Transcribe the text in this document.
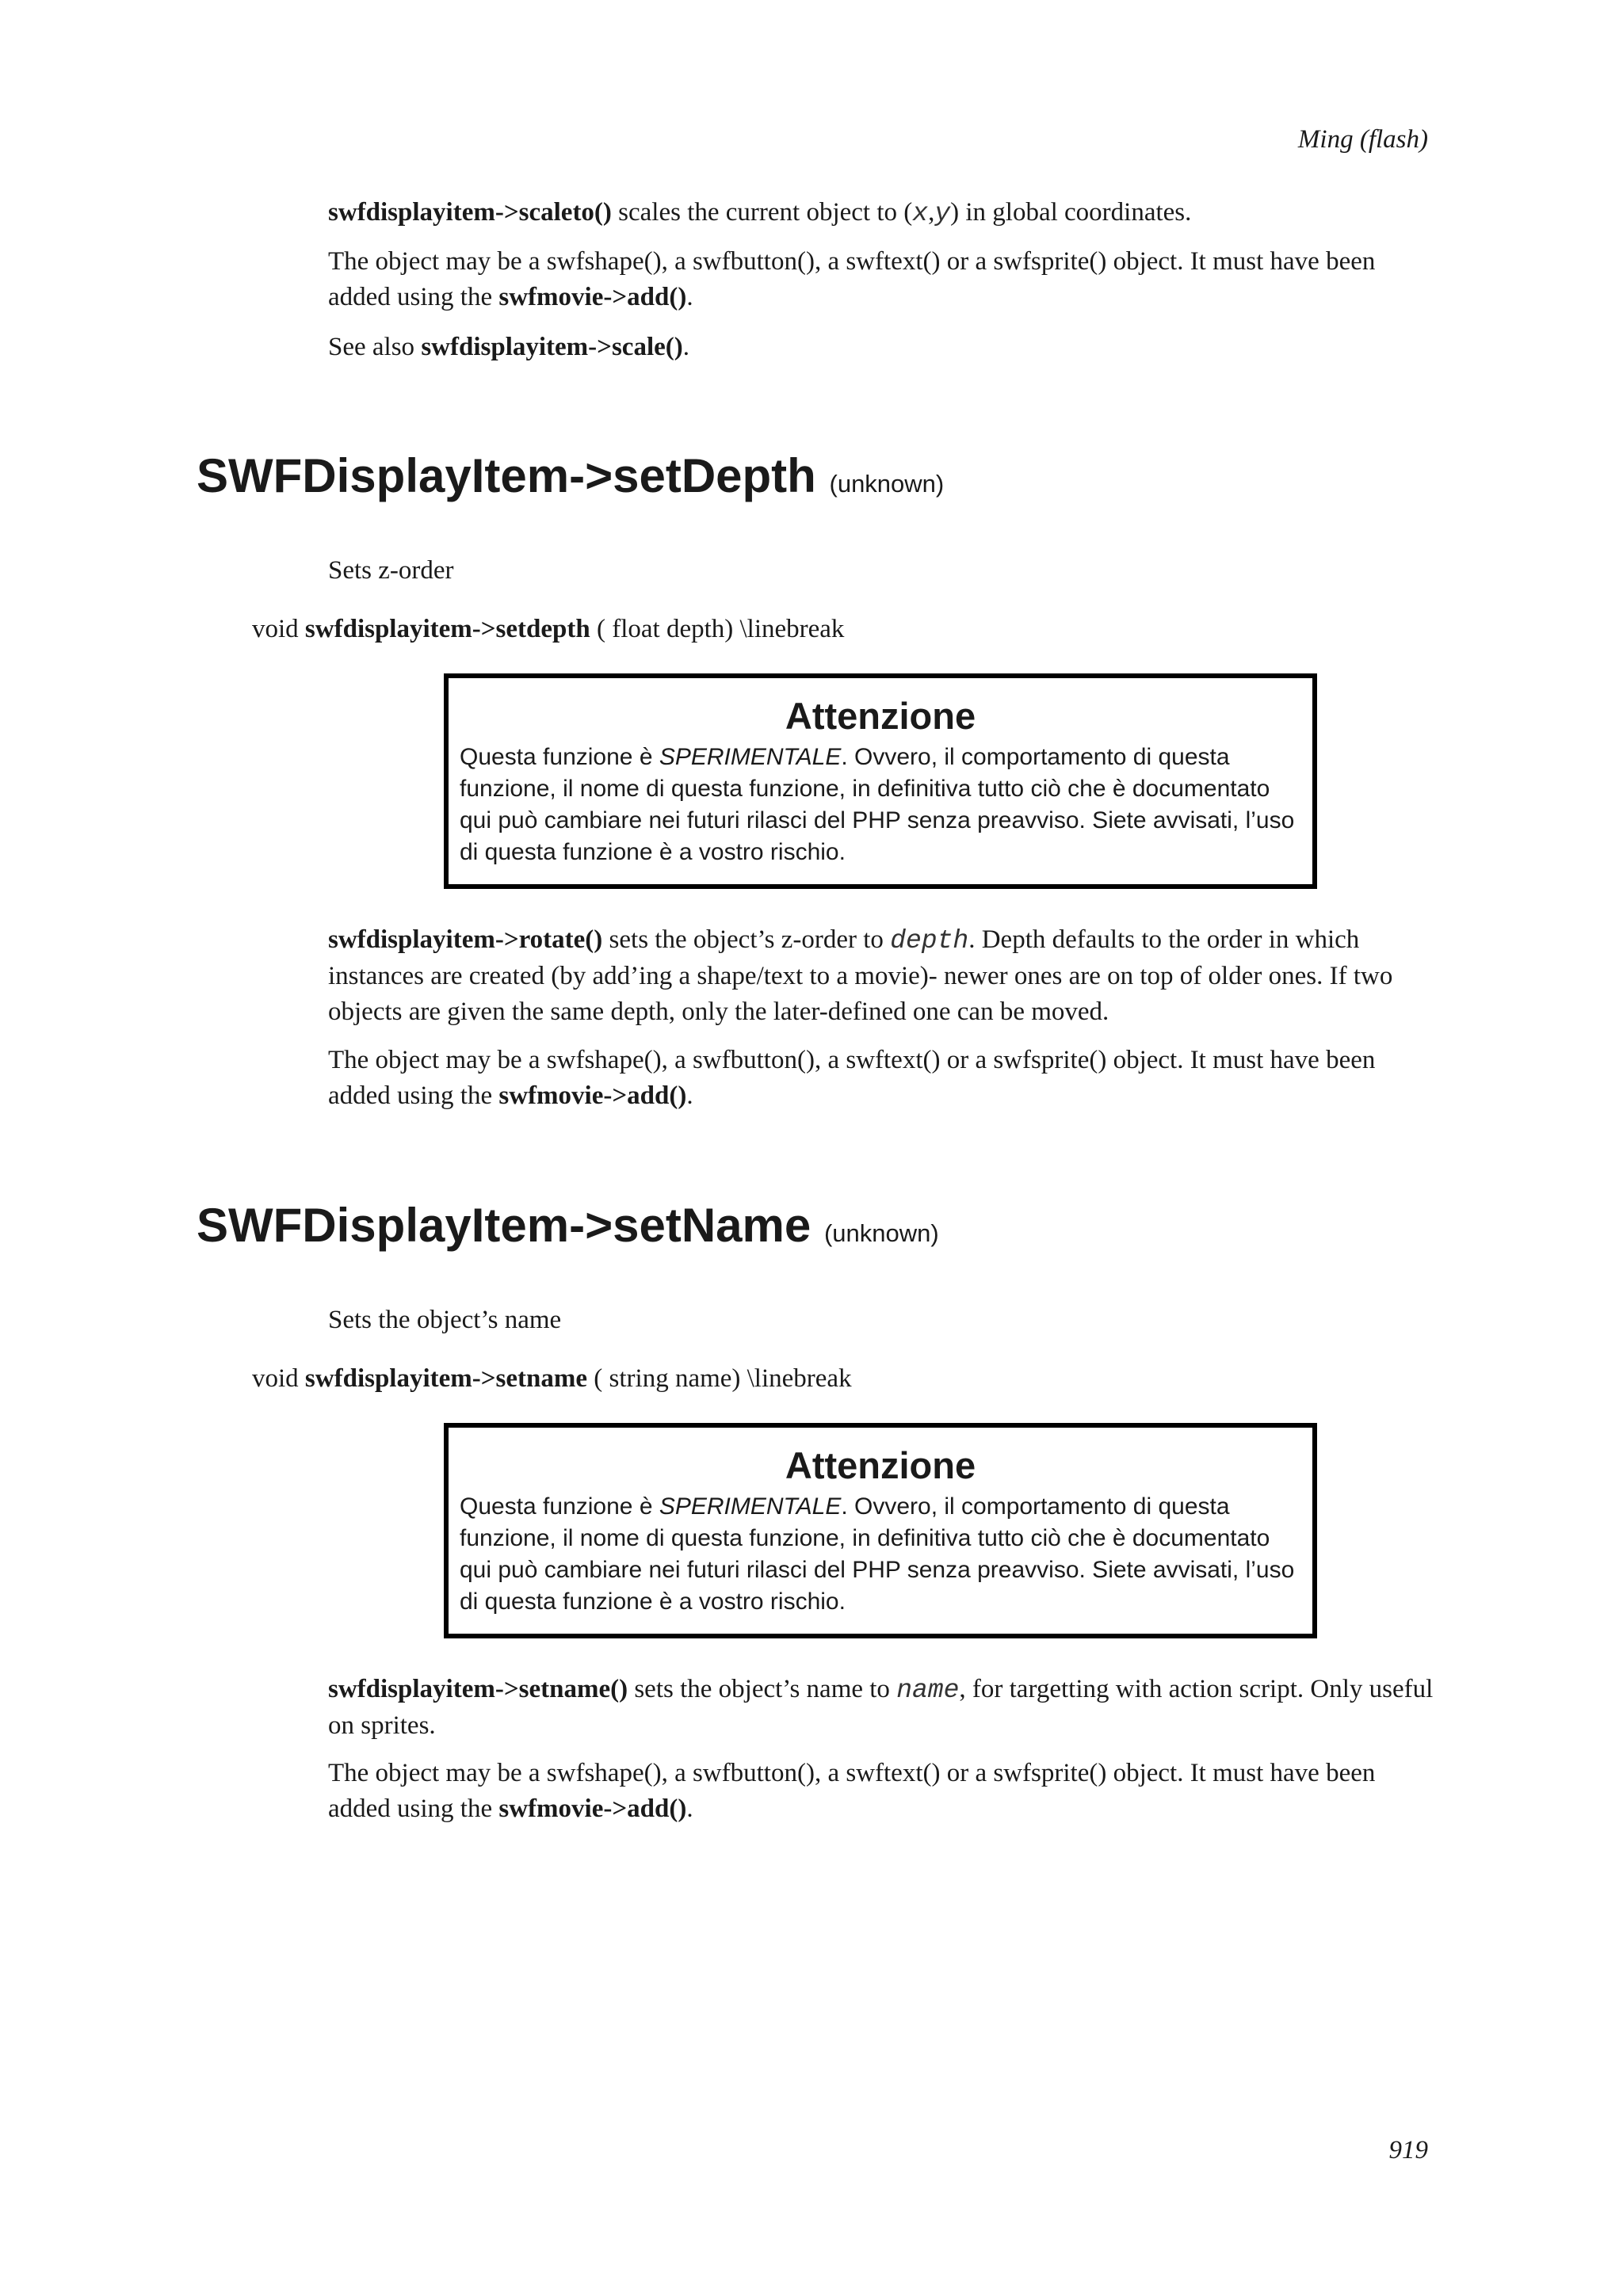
Ming (flash)
swfdisplayitem->scaleto() scales the current object to (x,y) in global coordinates.
The object may be a swfshape(), a swfbutton(), a swftext() or a swfsprite() object. It must have been added using the swfmovie->add().
See also swfdisplayitem->scale().
SWFDisplayItem->setDepth (unknown)
Sets z-order
void swfdisplayitem->setdepth ( float depth) \linebreak
Attenzione
Questa funzione è SPERIMENTALE. Ovvero, il comportamento di questa funzione, il nome di questa funzione, in definitiva tutto ciò che è documentato qui può cambiare nei futuri rilasci del PHP senza preavviso. Siete avvisati, l’uso di questa funzione è a vostro rischio.
swfdisplayitem->rotate() sets the object’s z-order to depth. Depth defaults to the order in which instances are created (by add’ing a shape/text to a movie)- newer ones are on top of older ones. If two objects are given the same depth, only the later-defined one can be moved.
The object may be a swfshape(), a swfbutton(), a swftext() or a swfsprite() object. It must have been added using the swfmovie->add().
SWFDisplayItem->setName (unknown)
Sets the object’s name
void swfdisplayitem->setname ( string name) \linebreak
Attenzione
Questa funzione è SPERIMENTALE. Ovvero, il comportamento di questa funzione, il nome di questa funzione, in definitiva tutto ciò che è documentato qui può cambiare nei futuri rilasci del PHP senza preavviso. Siete avvisati, l’uso di questa funzione è a vostro rischio.
swfdisplayitem->setname() sets the object’s name to name, for targetting with action script. Only useful on sprites.
The object may be a swfshape(), a swfbutton(), a swftext() or a swfsprite() object. It must have been added using the swfmovie->add().
919
